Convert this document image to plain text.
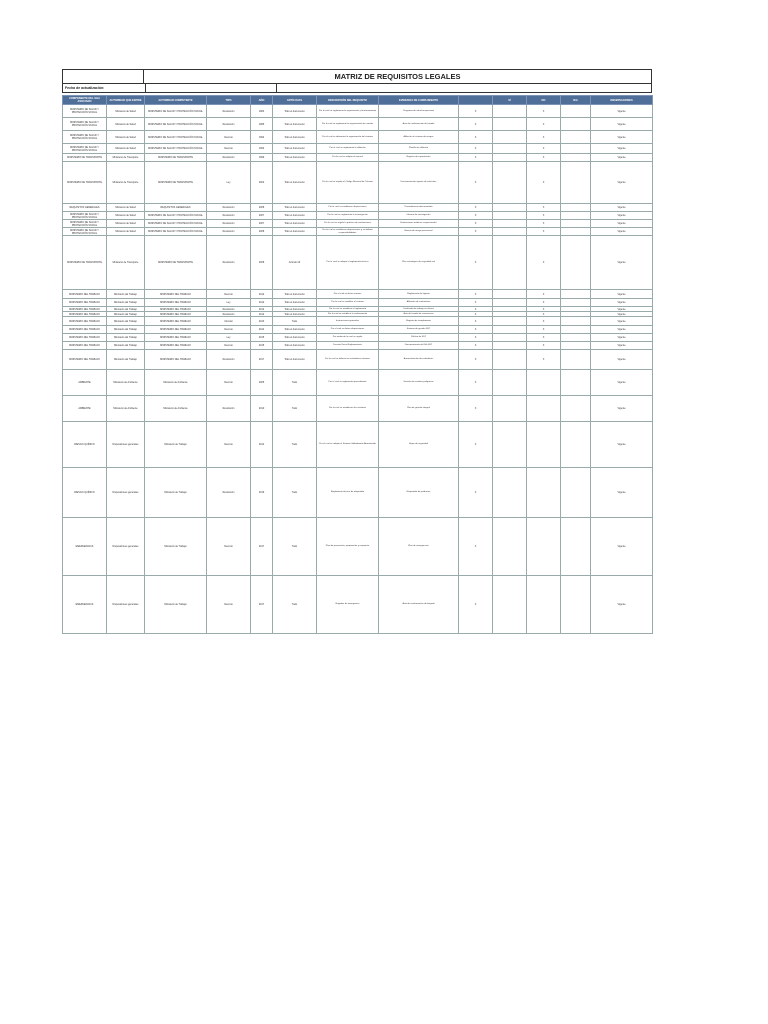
MATRIZ DE REQUISITOS LEGALES
Fecha de actualización:
COMPONENTE DEL SGA ASOCIADO	AUTORIDAD QUE EXPIDE	AUTORIDAD COMPETENTE	TIPO	AÑO	ARTÍCULOS	DESCRIPCIÓN DEL REQUISITO	EVIDENCIA DE CUMPLIMIENTO		SÍ	NO	N/A	OBSERVACIONES
MINISTERIO DE SALUD Y PROTECCIÓN SOCIAL	Ministerio de Salud	MINISTERIO DE SALUD Y PROTECCIÓN SOCIAL	Resolución	1984	Todo el documento	Por la cual se reglamenta la organización y funcionamiento	Programa de salud ocupacional	X		X		Vigente
MINISTERIO DE SALUD Y PROTECCIÓN SOCIAL	Ministerio de Salud	MINISTERIO DE SALUD Y PROTECCIÓN SOCIAL	Resolución	1986	Todo el documento	Por la cual se reglamenta la organización de comités	Acta de conformación del comité	X		X		Vigente
MINISTERIO DE SALUD Y PROTECCIÓN SOCIAL	Ministerio de Salud	MINISTERIO DE SALUD Y PROTECCIÓN SOCIAL	Decreto	1994	Todo el documento	Por el cual se determina la organización del sistema	Afiliación al sistema de riesgos	X		X		Vigente
MINISTERIO DE SALUD Y PROTECCIÓN SOCIAL	Ministerio de Salud	MINISTERIO DE SALUD Y PROTECCIÓN SOCIAL	Decreto	1994	Todo el documento	Por el cual se reglamenta la afiliación	Planilla de afiliación	X		X		Vigente
MINISTERIO DE TRANSPORTE	Ministerio de Transporte	MINISTERIO DE TRANSPORTE	Resolución	1999	Todo el documento	Por la cual se adopta el manual	Registro de capacitación	X		X		Vigente
MINISTERIO DE TRANSPORTE	Ministerio de Transporte	MINISTERIO DE TRANSPORTE	Ley	2002	Todo el documento	Por la cual se expide el Código Nacional de Tránsito	Documentación vigente de vehículos	X		X		Vigente
REQUISITOS GENERALES	Ministerio de Salud	REQUISITOS GENERALES	Resolución	2008	Todo el documento	Por la cual se establecen disposiciones	Procedimiento documentado	X		X		Vigente
MINISTERIO DE SALUD Y PROTECCIÓN SOCIAL	Ministerio de Salud	MINISTERIO DE SALUD Y PROTECCIÓN SOCIAL	Resolución	2007	Todo el documento	Por la cual se reglamenta la investigación	Informe de investigación	X		X		Vigente
MINISTERIO DE SALUD Y PROTECCIÓN SOCIAL	Ministerio de Salud	MINISTERIO DE SALUD Y PROTECCIÓN SOCIAL	Resolución	2007	Todo el documento	Por la cual se regula la práctica de evaluaciones	Evaluaciones médicas ocupacionales	X		X		Vigente
MINISTERIO DE SALUD Y PROTECCIÓN SOCIAL	Ministerio de Salud	MINISTERIO DE SALUD Y PROTECCIÓN SOCIAL	Resolución	2008	Todo el documento	Por la cual se establecen disposiciones y se definen responsabilidades	Batería de riesgo psicosocial	X		X		Vigente
MINISTERIO DE TRANSPORTE	Ministerio de Transporte	MINISTERIO DE TRANSPORTE	Resolución	2008	Artículo 20	Por la cual se adopta el reglamento técnico	Plan estratégico de seguridad vial	X		X		Vigente
MINISTERIO DEL TRABAJO	Ministerio del Trabajo	MINISTERIO DEL TRABAJO	Decreto	2012	Todo el documento	Por el cual se dictan normas	Reglamento de higiene	X		X		Vigente
MINISTERIO DEL TRABAJO	Ministerio del Trabajo	MINISTERIO DEL TRABAJO	Ley	2012	Todo el documento	Por la cual se modifica el sistema	Afiliación de contratistas	X		X		Vigente
MINISTERIO DEL TRABAJO	Ministerio del Trabajo	MINISTERIO DEL TRABAJO	Resolución	2012	Todo el documento	Por la cual se establece el reglamento	Certificado de trabajo en alturas	X		X		Vigente
MINISTERIO DEL TRABAJO	Ministerio del Trabajo	MINISTERIO DEL TRABAJO	Resolución	2012	Todo el documento	Por la cual se establece la conformación	Acta del comité de convivencia	X		X		Vigente
MINISTERIO DEL TRABAJO	Ministerio del Trabajo	MINISTERIO DEL TRABAJO	Circular	2013	Todo	Instrucciones generales	Registro de cumplimiento	X		X		Vigente
MINISTERIO DEL TRABAJO	Ministerio del Trabajo	MINISTERIO DEL TRABAJO	Decreto	2014	Todo el documento	Por el cual se dictan disposiciones	Sistema de gestión SST	X		X		Vigente
MINISTERIO DEL TRABAJO	Ministerio del Trabajo	MINISTERIO DEL TRABAJO	Ley	2015	Todo el documento	Por medio de la cual se regula	Política de SST	X		X		Vigente
MINISTERIO DEL TRABAJO	Ministerio del Trabajo	MINISTERIO DEL TRABAJO	Decreto	2015	Todo el documento	Decreto Único Reglamentario	Documentación del SG-SST	X		X		Vigente
MINISTERIO DEL TRABAJO	Ministerio del Trabajo	MINISTERIO DEL TRABAJO	Resolución	2017	Todo el documento	Por la cual se definen los estándares mínimos	Autoevaluación de estándares	X		X		Vigente
AMBIENTE	Ministerio de Ambiente	Ministerio de Ambiente	Decreto	2005	Todo	Por el cual se reglamenta parcialmente	Gestión de residuos peligrosos	X				Vigente
AMBIENTE	Ministerio de Ambiente	Ministerio de Ambiente	Resolución	2010	Todo	Por la cual se establecen los sistemas	Plan de gestión integral	X				Vigente
RIESGO QUÍMICO	Disposiciones generales	Ministerio de Trabajo	Decreto	2014	Todo	Por el cual se adopta el Sistema Globalmente Armonizado	Hojas de seguridad	X				Vigente
RIESGO QUÍMICO	Disposiciones generales	Ministerio de Trabajo	Resolución	2016	Todo	Reglamento técnico de etiquetado	Etiquetado de productos	X				Vigente
EMERGENCIAS	Disposiciones generales	Ministerio de Trabajo	Decreto	2017	Todo	Plan de prevención, preparación y respuesta	Plan de emergencias	X				Vigente
EMERGENCIAS	Disposiciones generales	Ministerio de Trabajo	Decreto	2017	Todo	Brigadas de emergencia	Acta de conformación de brigada	X				Vigente
